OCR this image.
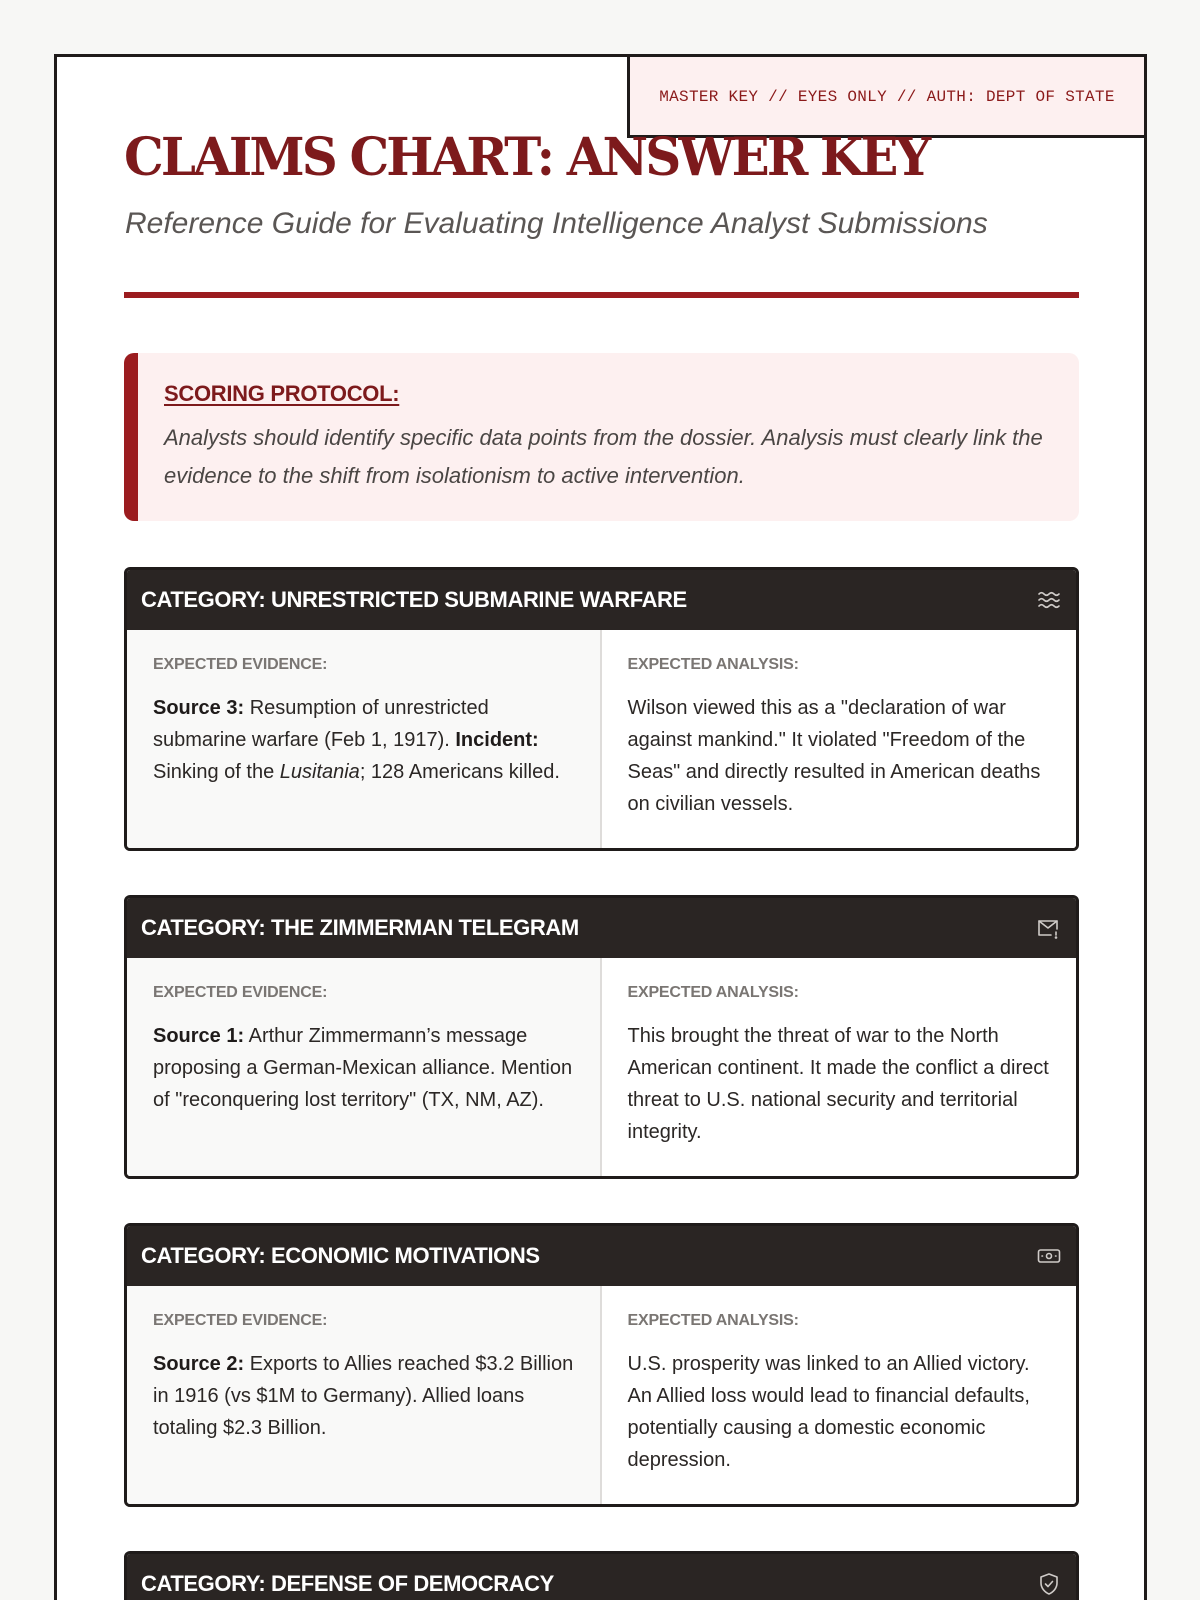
MASTER KEY // EYES ONLY // AUTH: DEPT OF STATE
CLAIMS CHART: ANSWER KEY
Reference Guide for Evaluating Intelligence Analyst Submissions
SCORING PROTOCOL:
Analysts should identify specific data points from the dossier. Analysis must clearly link the evidence to the shift from isolationism to active intervention.
CATEGORY: UNRESTRICTED SUBMARINE WARFARE
EXPECTED EVIDENCE:
Source 3: Resumption of unrestricted submarine warfare (Feb 1, 1917). Incident: Sinking of the Lusitania; 128 Americans killed.
EXPECTED ANALYSIS:
Wilson viewed this as a "declaration of war against mankind." It violated "Freedom of the Seas" and directly resulted in American deaths on civilian vessels.
CATEGORY: THE ZIMMERMAN TELEGRAM
EXPECTED EVIDENCE:
Source 1: Arthur Zimmermann’s message proposing a German-Mexican alliance. Mention of "reconquering lost territory" (TX, NM, AZ).
EXPECTED ANALYSIS:
This brought the threat of war to the North American continent. It made the conflict a direct threat to U.S. national security and territorial integrity.
CATEGORY: ECONOMIC MOTIVATIONS
EXPECTED EVIDENCE:
Source 2: Exports to Allies reached $3.2 Billion in 1916 (vs $1M to Germany). Allied loans totaling $2.3 Billion.
EXPECTED ANALYSIS:
U.S. prosperity was linked to an Allied victory. An Allied loss would lead to financial defaults, potentially causing a domestic economic depression.
CATEGORY: DEFENSE OF DEMOCRACY
